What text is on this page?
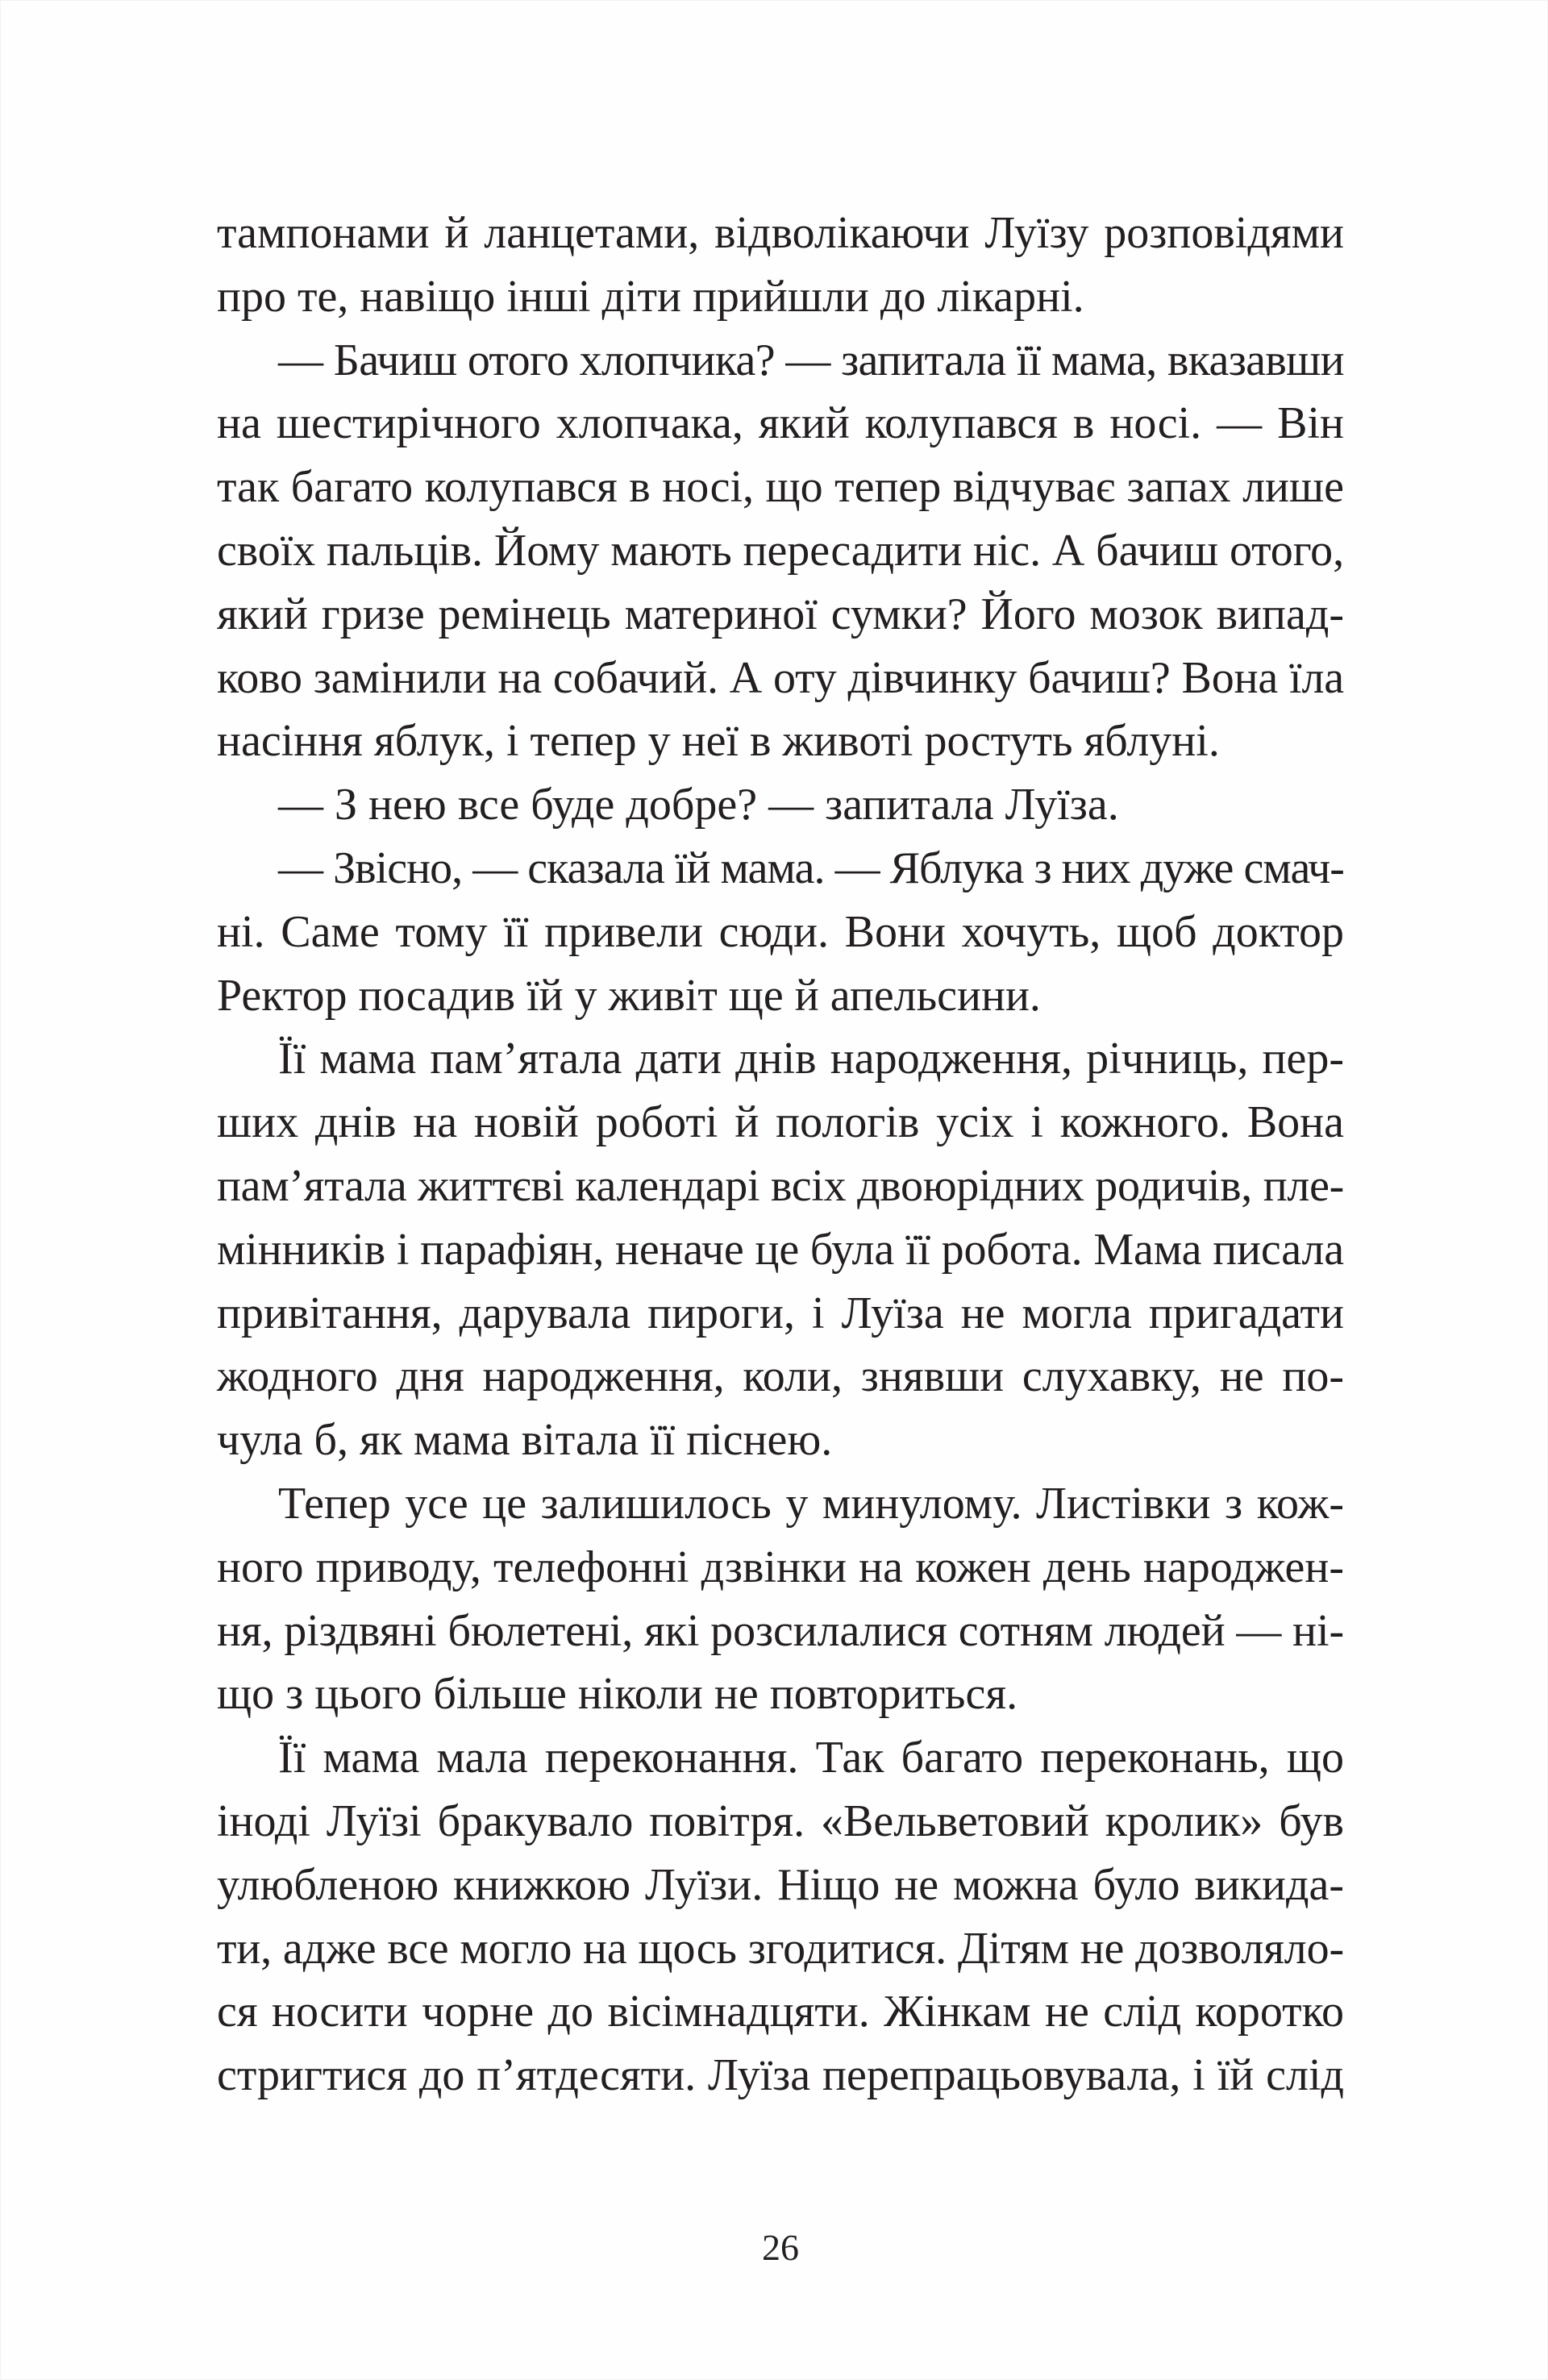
тампонами й ланцетами, відволікаючи Луїзу розповідями
про те, навіщо інші діти прийшли до лікарні.
— Бачиш отого хлопчика? — запитала її мама, вказавши
на шестирічного хлопчака, який колупався в носі. — Він
так багато колупався в носі, що тепер відчуває запах лише
своїх пальців. Йому мають пересадити ніс. А бачиш отого,
який гризе ремінець материної сумки? Його мозок випад-
ково замінили на собачий. А оту дівчинку бачиш? Вона їла
насіння яблук, і тепер у неї в животі ростуть яблуні.
— З нею все буде добре? — запитала Луїза.
— Звісно, — сказала їй мама. — Яблука з них дуже смач-
ні. Саме тому її привели сюди. Вони хочуть, щоб доктор
Ректор посадив їй у живіт ще й апельсини.
Її мама пам’ятала дати днів народження, річниць, пер-
ших днів на новій роботі й пологів усіх і кожного. Вона
пам’ятала життєві календарі всіх двоюрідних родичів, пле-
мінників і парафіян, неначе це була її робота. Мама писала
привітання, дарувала пироги, і Луїза не могла пригадати
жодного дня народження, коли, знявши слухавку, не по-
чула б, як мама вітала її піснею.
Тепер усе це залишилось у минулому. Листівки з кож-
ного приводу, телефонні дзвінки на кожен день народжен-
ня, різдвяні бюлетені, які розсилалися сотням людей — ні-
що з цього більше ніколи не повториться.
Її мама мала переконання. Так багато переконань, що
іноді Луїзі бракувало повітря. «Вельветовий кролик» був
улюбленою книжкою Луїзи. Ніщо не можна було викида-
ти, адже все могло на щось згодитися. Дітям не дозволяло-
ся носити чорне до вісімнадцяти. Жінкам не слід коротко
стригтися до п’ятдесяти. Луїза перепрацьовувала, і їй слід
26
